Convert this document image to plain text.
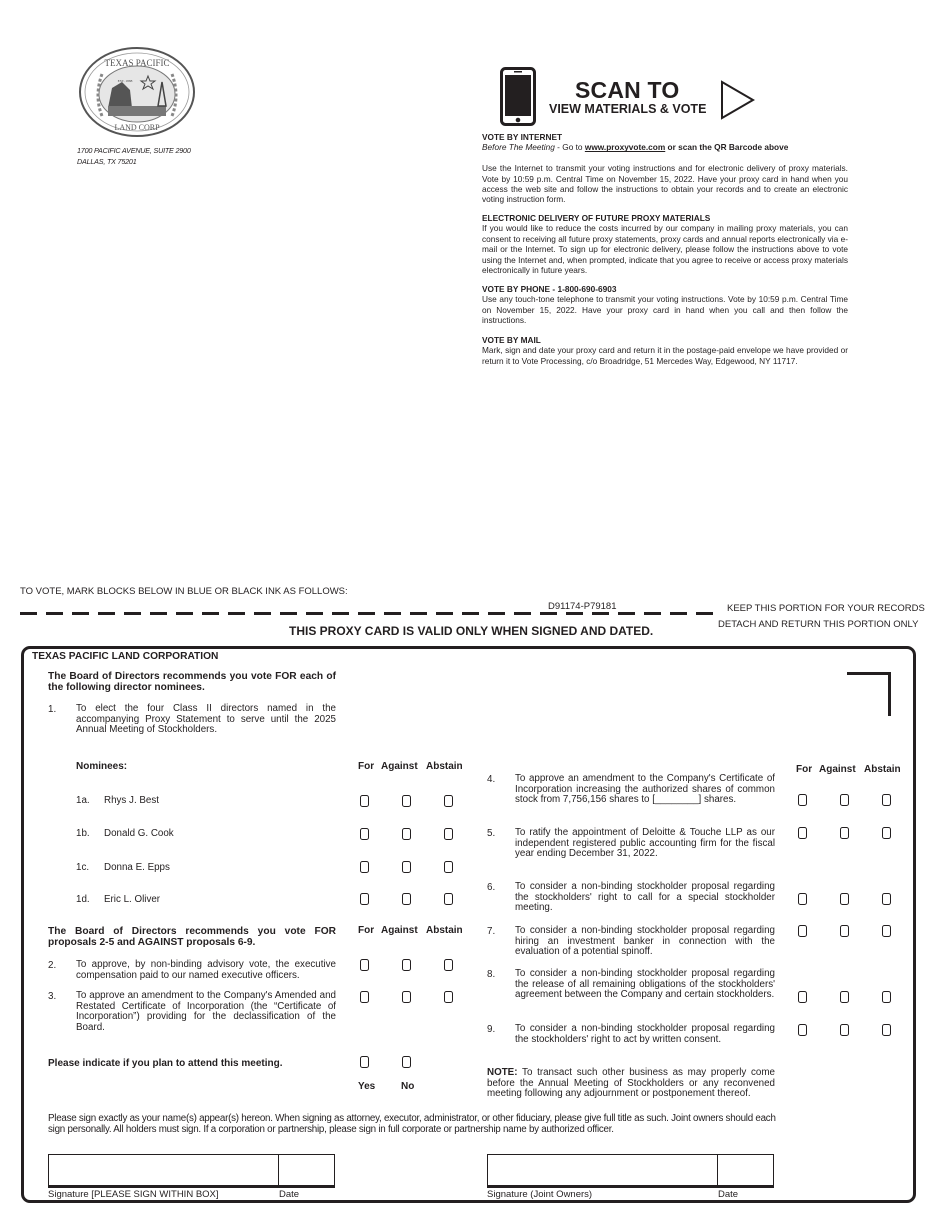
TEXAS PACIFIC
EST. 1888
LAND CORP
1700 PACIFIC AVENUE, SUITE 2900
DALLAS, TX 75201
SCAN TO
VIEW MATERIALS & VOTE
VOTE BY INTERNET

Before The Meeting - Go to www.proxyvote.com or scan the QR Barcode above

Use the Internet to transmit your voting instructions and for electronic delivery of proxy materials. Vote by 10:59 p.m. Central Time on November 15, 2022. Have your proxy card in hand when you access the web site and follow the instructions to obtain your records and to create an electronic voting instruction form.

ELECTRONIC DELIVERY OF FUTURE PROXY MATERIALS

If you would like to reduce the costs incurred by our company in mailing proxy materials, you can consent to receiving all future proxy statements, proxy cards and annual reports electronically via e-mail or the Internet. To sign up for electronic delivery, please follow the instructions above to vote using the Internet and, when prompted, indicate that you agree to receive or access proxy materials electronically in future years.

VOTE BY PHONE - 1-800-690-6903

Use any touch-tone telephone to transmit your voting instructions. Vote by 10:59 p.m. Central Time on November 15, 2022. Have your proxy card in hand when you call and then follow the instructions.

VOTE BY MAIL

Mark, sign and date your proxy card and return it in the postage-paid envelope we have provided or return it to Vote Processing, c/o Broadridge, 51 Mercedes Way, Edgewood, NY 11717.

TO VOTE, MARK BLOCKS BELOW IN BLUE OR BLACK INK AS FOLLOWS:
D91174-P79181	KEEP THIS PORTION FOR YOUR RECORDS
DETACH AND RETURN THIS PORTION ONLY
THIS PROXY CARD IS VALID ONLY WHEN SIGNED AND DATED.
TEXAS PACIFIC LAND CORPORATION
The Board of Directors recommends you vote FOR each of the following director nominees.
1. To elect the four Class II directors named in the accompanying Proxy Statement to serve until the 2025 Annual Meeting of Stockholders.
Nominees:	For Against Abstain
1a. Rhys J. Best
1b. Donald G. Cook
1c. Donna E. Epps
1d. Eric L. Oliver
The Board of Directors recommends you vote FOR proposals 2-5 and AGAINST proposals 6-9.
For Against Abstain
2. To approve, by non-binding advisory vote, the executive compensation paid to our named executive officers.
3. To approve an amendment to the Company's Amended and Restated Certificate of Incorporation (the “Certificate of Incorporation”) providing for the declassification of the Board.
Please indicate if you plan to attend this meeting.
Yes	No
For Against Abstain
4. To approve an amendment to the Company's Certificate of Incorporation increasing the authorized shares of common stock from 7,756,156 shares to [________] shares.
5. To ratify the appointment of Deloitte & Touche LLP as our independent registered public accounting firm for the fiscal year ending December 31, 2022.
6. To consider a non-binding stockholder proposal regarding the stockholders' right to call for a special stockholder meeting.
7. To consider a non-binding stockholder proposal regarding hiring an investment banker in connection with the evaluation of a potential spinoff.
8. To consider a non-binding stockholder proposal regarding the release of all remaining obligations of the stockholders' agreement between the Company and certain stockholders.
9. To consider a non-binding stockholder proposal regarding the stockholders' right to act by written consent.
NOTE: To transact such other business as may properly come before the Annual Meeting of Stockholders or any reconvened meeting following any adjournment or postponement thereof.
Please sign exactly as your name(s) appear(s) hereon. When signing as attorney, executor, administrator, or other fiduciary, please give full title as such. Joint owners should each sign personally. All holders must sign. If a corporation or partnership, please sign in full corporate or partnership name by authorized officer.
Signature [PLEASE SIGN WITHIN BOX]	Date	Signature (Joint Owners)	Date
